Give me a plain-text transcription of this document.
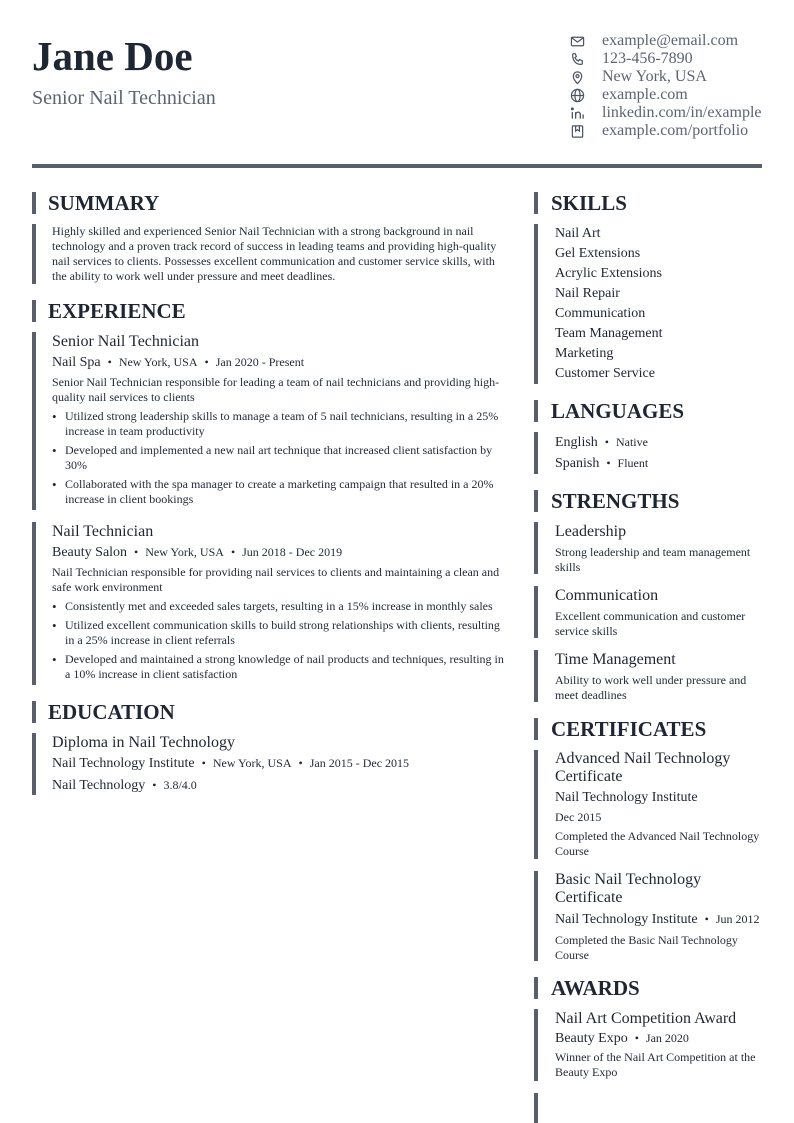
Jane Doe
Senior Nail Technician
example@email.com
123-456-7890
New York, USA
example.com
linkedin.com/in/example
example.com/portfolio
SUMMARY
Highly skilled and experienced Senior Nail Technician with a strong background in nail technology and a proven track record of success in leading teams and providing high-quality nail services to clients. Possesses excellent communication and customer service skills, with the ability to work well under pressure and meet deadlines.
EXPERIENCE
Senior Nail Technician
Nail Spa • New York, USA • Jan 2020 - Present
Senior Nail Technician responsible for leading a team of nail technicians and providing high-quality nail services to clients
• Utilized strong leadership skills to manage a team of 5 nail technicians, resulting in a 25% increase in team productivity
• Developed and implemented a new nail art technique that increased client satisfaction by 30%
• Collaborated with the spa manager to create a marketing campaign that resulted in a 20% increase in client bookings
Nail Technician
Beauty Salon • New York, USA • Jun 2018 - Dec 2019
Nail Technician responsible for providing nail services to clients and maintaining a clean and safe work environment
• Consistently met and exceeded sales targets, resulting in a 15% increase in monthly sales
• Utilized excellent communication skills to build strong relationships with clients, resulting in a 25% increase in client referrals
• Developed and maintained a strong knowledge of nail products and techniques, resulting in a 10% increase in client satisfaction
EDUCATION
Diploma in Nail Technology
Nail Technology Institute • New York, USA • Jan 2015 - Dec 2015
Nail Technology • 3.8/4.0
SKILLS
Nail Art
Gel Extensions
Acrylic Extensions
Nail Repair
Communication
Team Management
Marketing
Customer Service
LANGUAGES
English • Native
Spanish • Fluent
STRENGTHS
Leadership
Strong leadership and team management skills
Communication
Excellent communication and customer service skills
Time Management
Ability to work well under pressure and meet deadlines
CERTIFICATES
Advanced Nail Technology Certificate
Nail Technology Institute
Dec 2015
Completed the Advanced Nail Technology Course
Basic Nail Technology Certificate
Nail Technology Institute • Jun 2012
Completed the Basic Nail Technology Course
AWARDS
Nail Art Competition Award
Beauty Expo • Jan 2020
Winner of the Nail Art Competition at the Beauty Expo
